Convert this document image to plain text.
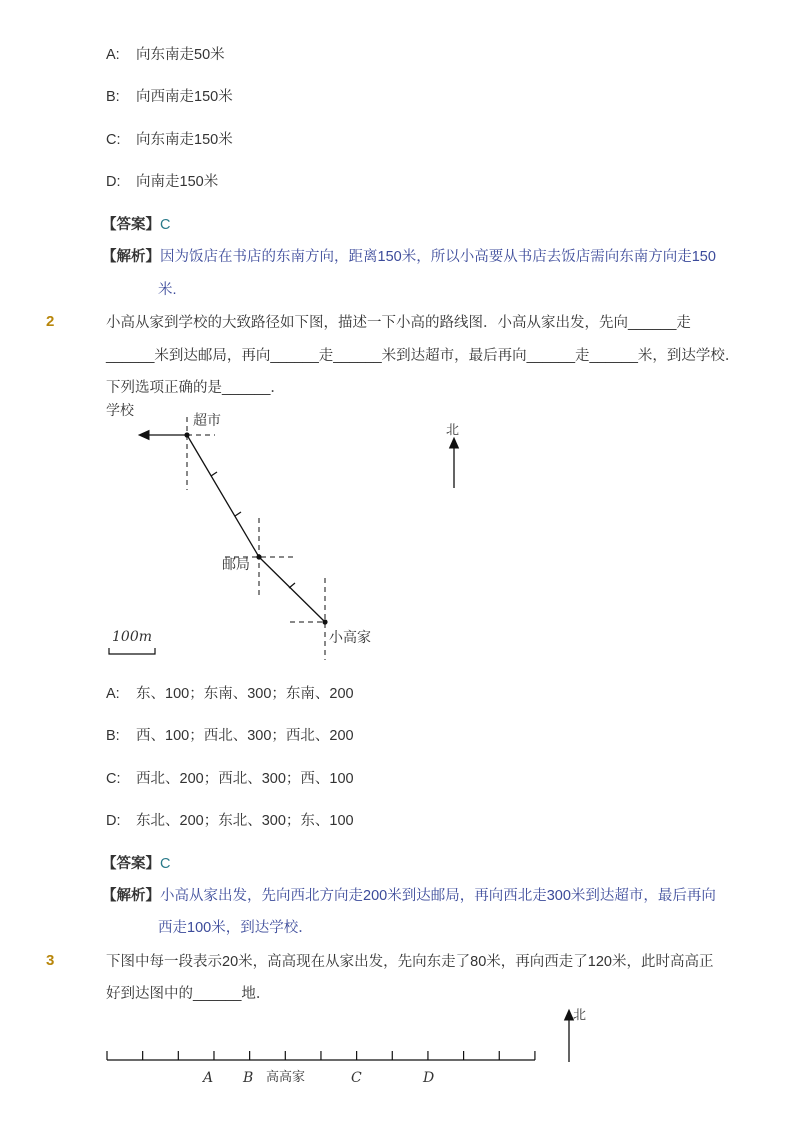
A: 向东南走50米
B: 向西南走150米
C: 向东南走150米
D: 向南走150米
【答案】C
【解析】因为饭店在书店的东南方向，距离150米，所以小高要从书店去饭店需向东南方向走150
米.
2	小高从家到学校的大致路径如下图，描述一下小高的路线图．小高从家出发，先向______走
______米到达邮局，再向______走______米到达超市，最后再向______走______米，到达学校．
下列选项正确的是______．
学校
超市
邮局
小高家
北
100m
A: 东、100；东南、300；东南、200
B: 西、100；西北、300；西北、200
C: 西北、200；西北、300；西、100
D: 东北、200；东北、300；东、100
【答案】C
【解析】小高从家出发，先向西北方向走200米到达邮局，再向西北走300米到达超市，最后再向
西走100米，到达学校．
3	下图中每一段表示20米，高高现在从家出发，先向东走了80米，再向西走了120米，此时高高正
好到达图中的______地．
A B 高高家	C	D
北
